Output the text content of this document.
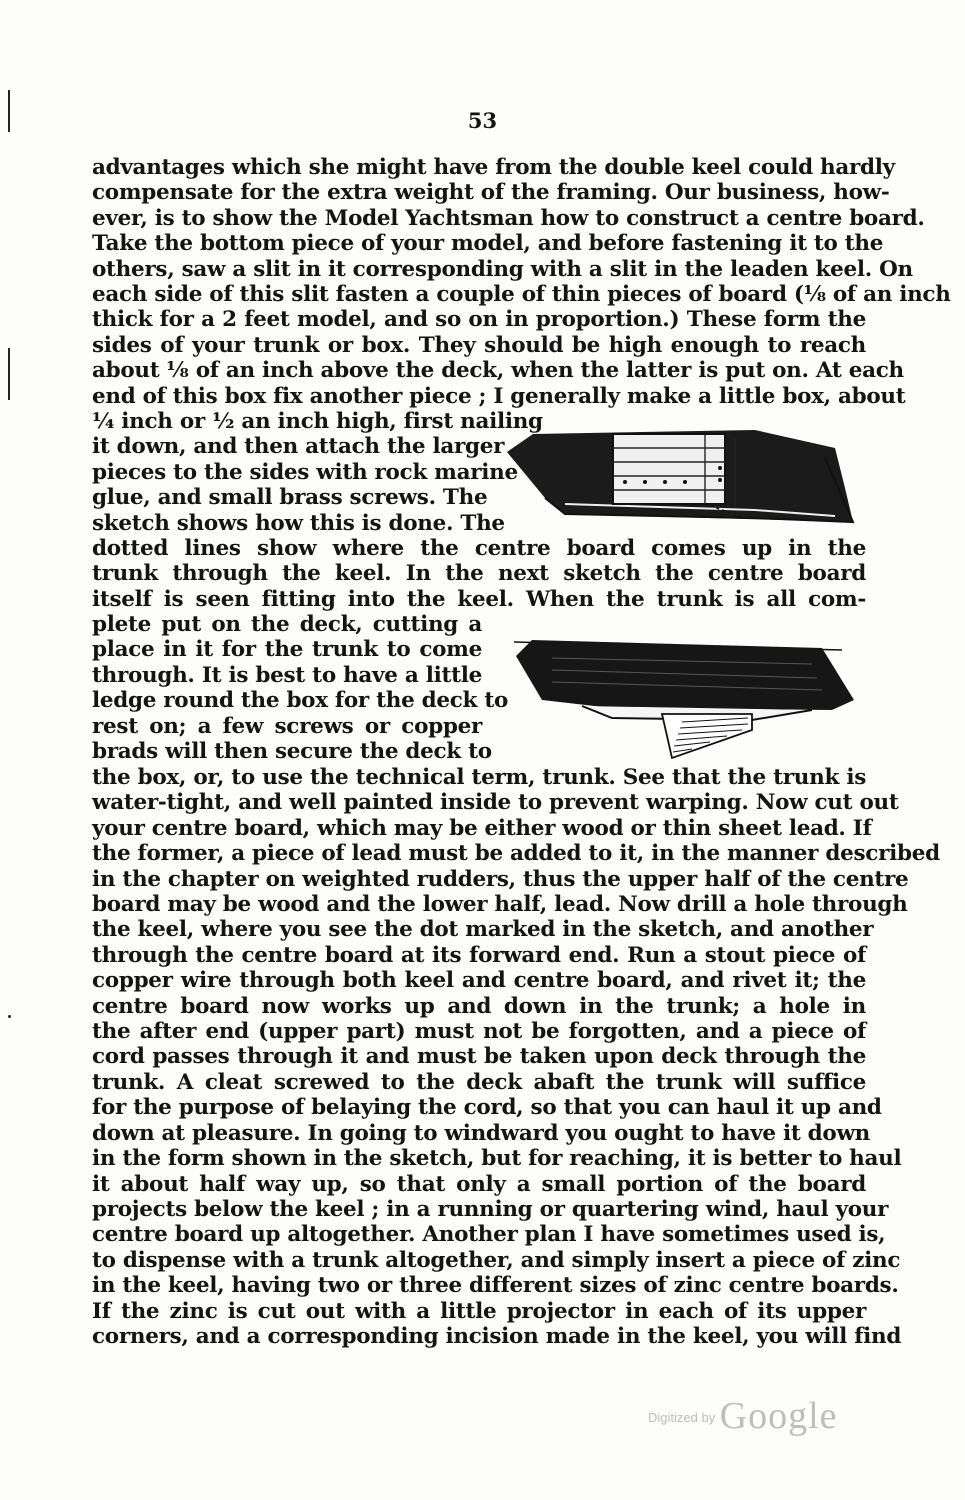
53
advantages which she might have from the double keel could hardly
compensate for the extra weight of the framing. Our business, how-
ever, is to show the Model Yachtsman how to construct a centre board.
Take the bottom piece of your model, and before fastening it to the
others, saw a slit in it corresponding with a slit in the leaden keel. On
each side of this slit fasten a couple of thin pieces of board (⅛ of an inch
thick for a 2 feet model, and so on in proportion.) These form the
sides of your trunk or box. They should be high enough to reach
about ⅛ of an inch above the deck, when the latter is put on. At each
end of this box fix another piece ; I generally make a little box, about
¼ inch or ½ an inch high, first nailing
it down, and then attach the larger
pieces to the sides with rock marine
glue, and small brass screws. The
sketch shows how this is done. The
dotted lines show where the centre board comes up in the
trunk through the keel. In the next sketch the centre board
itself is seen fitting into the keel. When the trunk is all com-
plete put on the deck, cutting a
place in it for the trunk to come
through. It is best to have a little
ledge round the box for the deck to
rest on; a few screws or copper
brads will then secure the deck to
the box, or, to use the technical term, trunk. See that the trunk is
water-tight, and well painted inside to prevent warping. Now cut out
your centre board, which may be either wood or thin sheet lead. If
the former, a piece of lead must be added to it, in the manner described
in the chapter on weighted rudders, thus the upper half of the centre
board may be wood and the lower half, lead. Now drill a hole through
the keel, where you see the dot marked in the sketch, and another
through the centre board at its forward end. Run a stout piece of
copper wire through both keel and centre board, and rivet it; the
centre board now works up and down in the trunk; a hole in
the after end (upper part) must not be forgotten, and a piece of
cord passes through it and must be taken upon deck through the
trunk. A cleat screwed to the deck abaft the trunk will suffice
for the purpose of belaying the cord, so that you can haul it up and
down at pleasure. In going to windward you ought to have it down
in the form shown in the sketch, but for reaching, it is better to haul
it about half way up, so that only a small portion of the board
projects below the keel ; in a running or quartering wind, haul your
centre board up altogether. Another plan I have sometimes used is,
to dispense with a trunk altogether, and simply insert a piece of zinc
in the keel, having two or three different sizes of zinc centre boards.
If the zinc is cut out with a little projector in each of its upper
corners, and a corresponding incision made in the keel, you will find
$^{Digitized by}$ Google
